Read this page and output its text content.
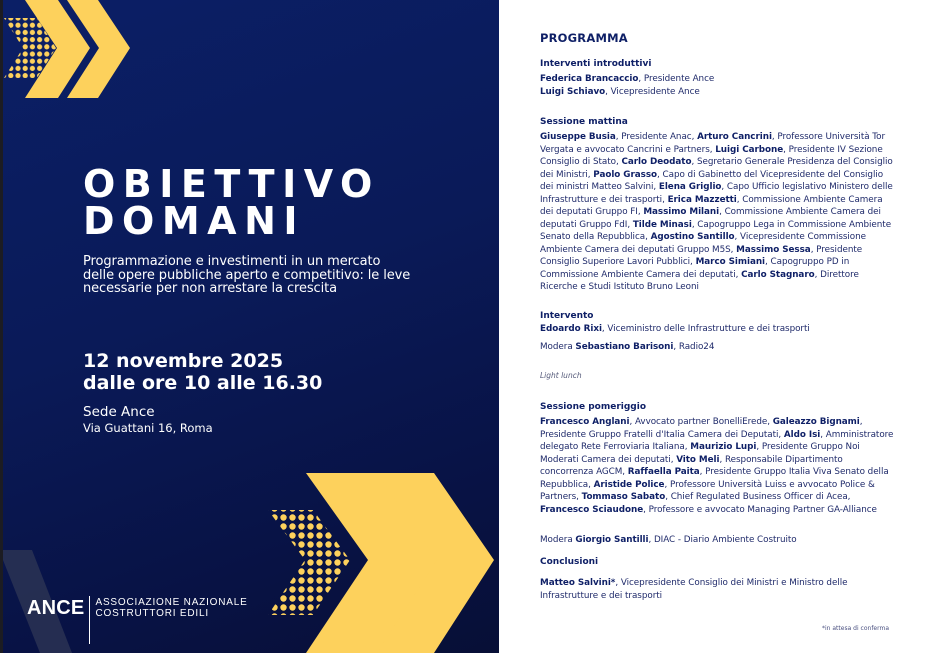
OBIETTIVO
DOMANI
Programmazione e investimenti in un mercato delle opere pubbliche aperto e competitivo: le leve necessarie per non arrestare la crescita
12 novembre 2025
dalle ore 10 alle 16.30
Sede Ance
Via Guattani 16, Roma
ANCE ASSOCIAZIONE NAZIONALE
COSTRUTTORI EDILI
PROGRAMMA
Interventi introduttivi
Federica Brancaccio, Presidente Ance
Luigi Schiavo, Vicepresidente Ance
Sessione mattina
Giuseppe Busia, Presidente Anac, Arturo Cancrini, Professore Università Tor Vergata e avvocato Cancrini e Partners, Luigi Carbone, Presidente IV Sezione Consiglio di Stato, Carlo Deodato, Segretario Generale Presidenza del Consiglio dei Ministri, Paolo Grasso, Capo di Gabinetto del Vicepresidente del Consiglio dei ministri Matteo Salvini, Elena Griglio, Capo Ufficio legislativo Ministero delle Infrastrutture e dei trasporti, Erica Mazzetti, Commissione Ambiente Camera dei deputati Gruppo FI, Massimo Milani, Commissione Ambiente Camera dei deputati Gruppo FdI, Tilde Minasi, Capogruppo Lega in Commissione Ambiente Senato della Repubblica, Agostino Santillo, Vicepresidente Commissione Ambiente Camera dei deputati Gruppo M5S, Massimo Sessa, Presidente Consiglio Superiore Lavori Pubblici, Marco Simiani, Capogruppo PD in Commissione Ambiente Camera dei deputati, Carlo Stagnaro, Direttore Ricerche e Studi Istituto Bruno Leoni
Intervento
Edoardo Rixi, Viceministro delle Infrastrutture e dei trasporti
Modera Sebastiano Barisoni, Radio24
Light lunch
Sessione pomeriggio
Francesco Anglani, Avvocato partner BonelliErede, Galeazzo Bignami, Presidente Gruppo Fratelli d'Italia Camera dei Deputati, Aldo Isi, Amministratore delegato Rete Ferroviaria Italiana, Maurizio Lupi, Presidente Gruppo Noi Moderati Camera dei deputati, Vito Meli, Responsabile Dipartimento concorrenza AGCM, Raffaella Paita, Presidente Gruppo Italia Viva Senato della Repubblica, Aristide Police, Professore Università Luiss e avvocato Police & Partners, Tommaso Sabato, Chief Regulated Business Officer di Acea, Francesco Sciaudone, Professore e avvocato Managing Partner GA-Alliance
Modera Giorgio Santilli, DIAC - Diario Ambiente Costruito
Conclusioni
Matteo Salvini*, Vicepresidente Consiglio dei Ministri e Ministro delle Infrastrutture e dei trasporti
*in attesa di conferma
